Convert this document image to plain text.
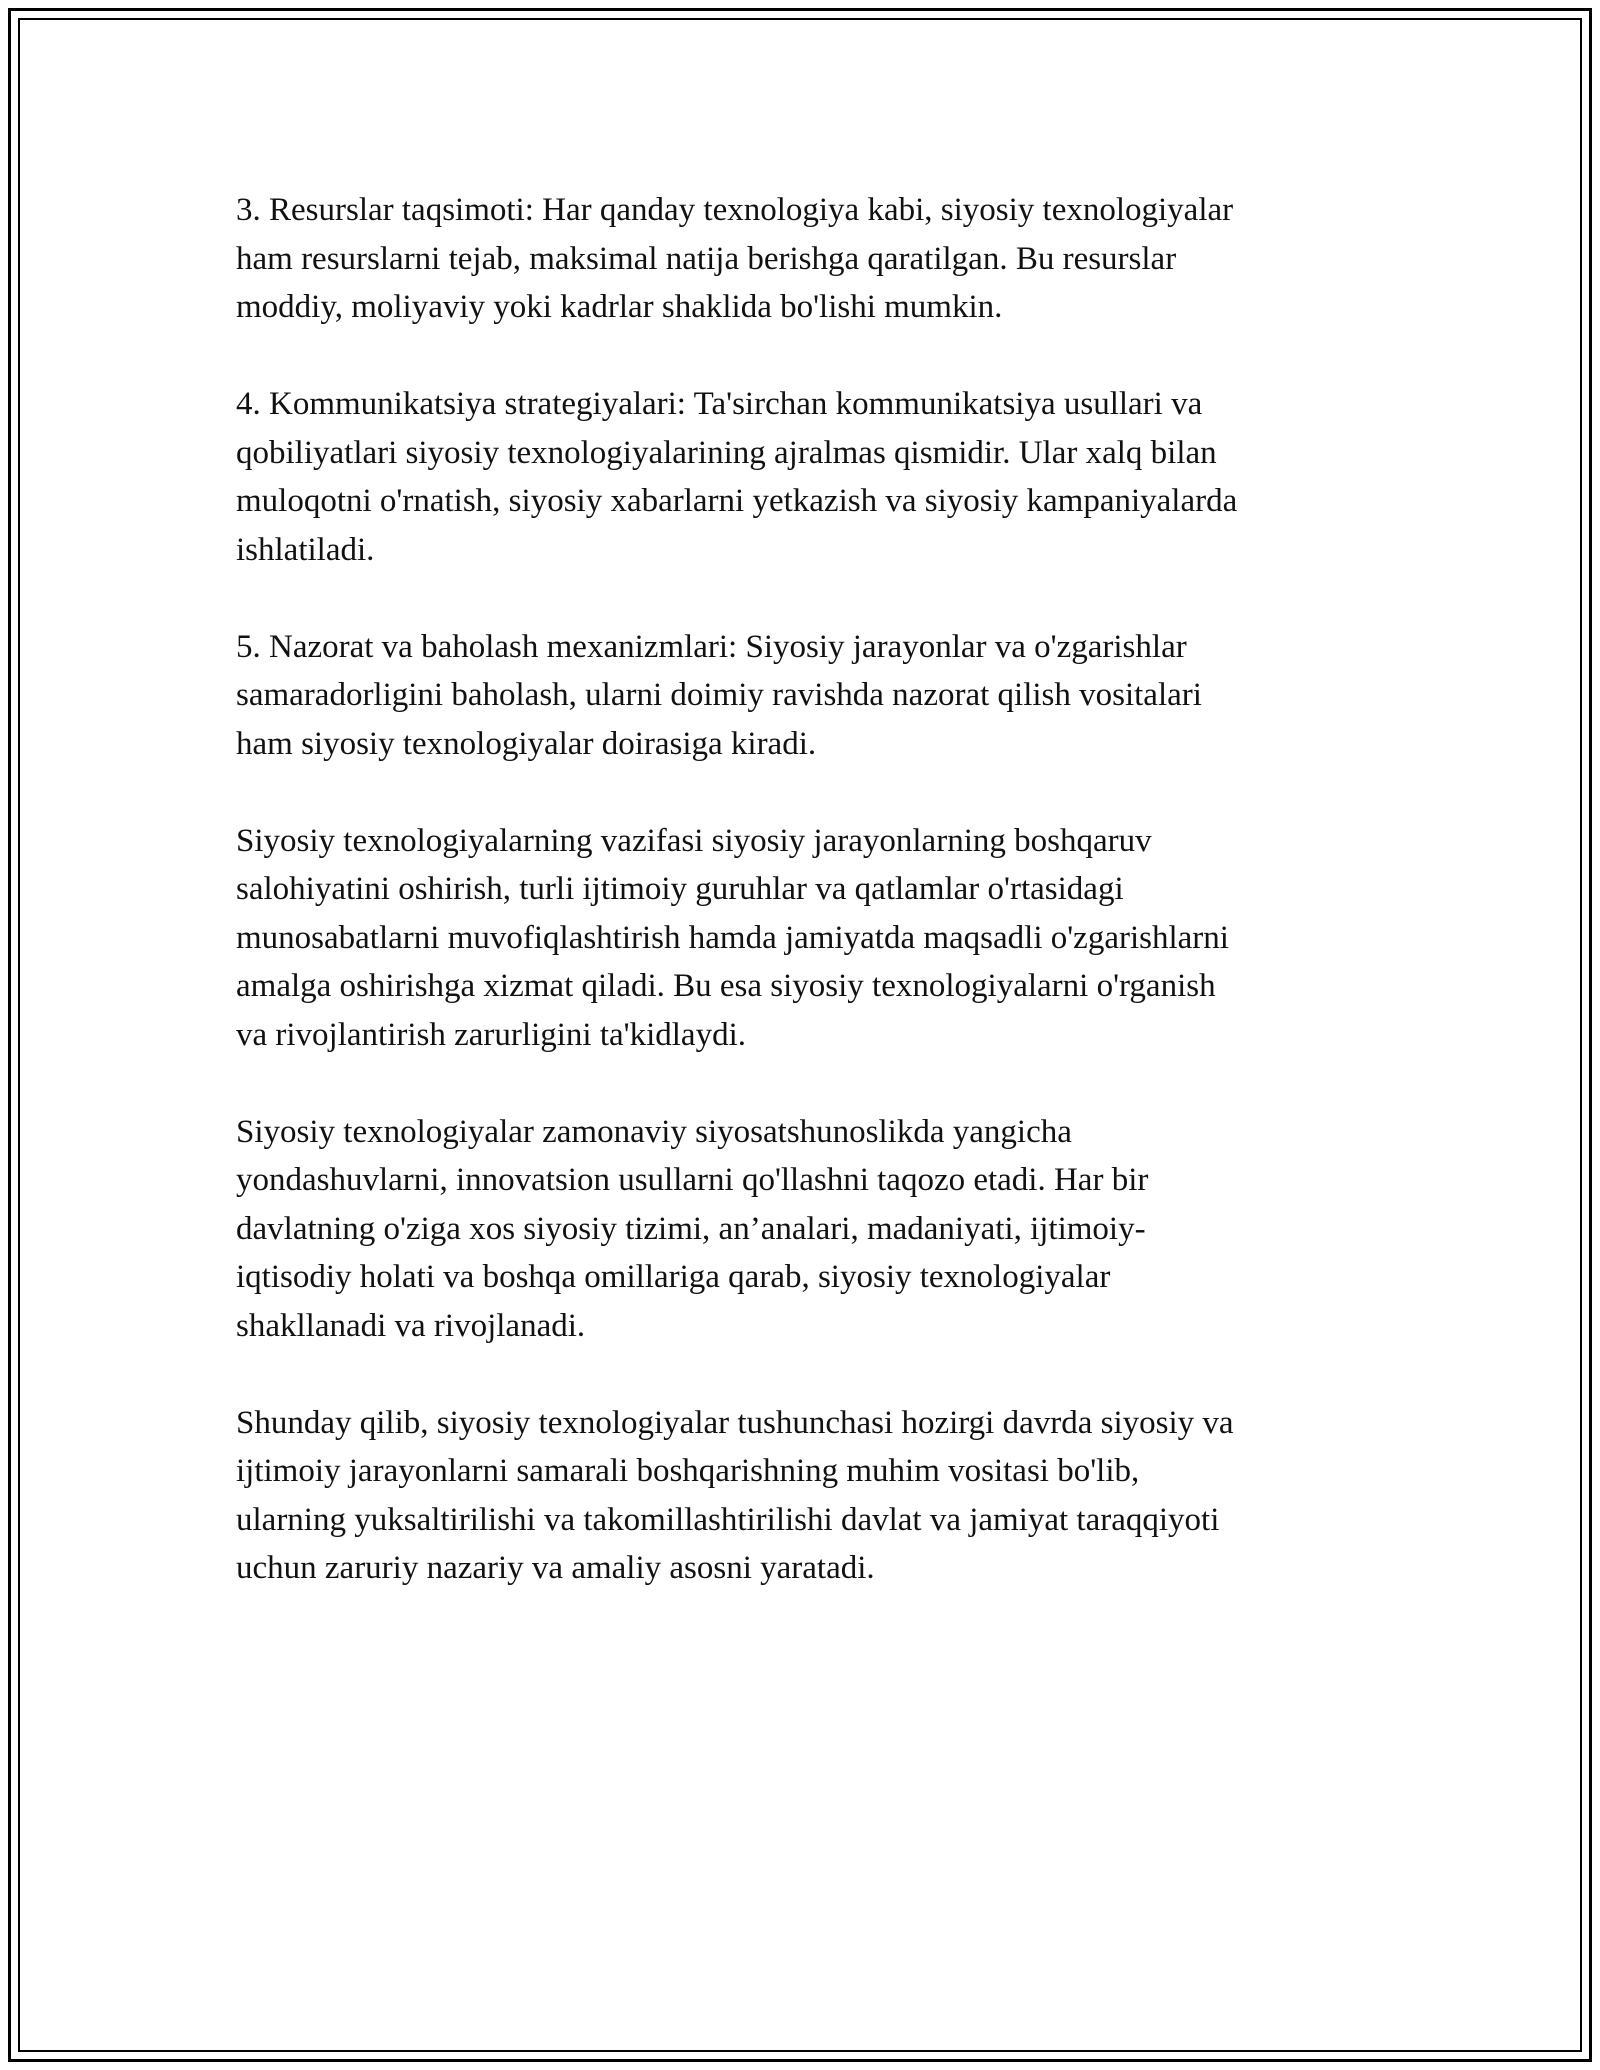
3. Resurslar taqsimoti: Har qanday texnologiya kabi, siyosiy texnologiyalar
ham resurslarni tejab, maksimal natija berishga qaratilgan. Bu resurslar
moddiy, moliyaviy yoki kadrlar shaklida bo'lishi mumkin.

4. Kommunikatsiya strategiyalari: Ta'sirchan kommunikatsiya usullari va
qobiliyatlari siyosiy texnologiyalarining ajralmas qismidir. Ular xalq bilan
muloqotni o'rnatish, siyosiy xabarlarni yetkazish va siyosiy kampaniyalarda
ishlatiladi.

5. Nazorat va baholash mexanizmlari: Siyosiy jarayonlar va o'zgarishlar
samaradorligini baholash, ularni doimiy ravishda nazorat qilish vositalari
ham siyosiy texnologiyalar doirasiga kiradi.

Siyosiy texnologiyalarning vazifasi siyosiy jarayonlarning boshqaruv
salohiyatini oshirish, turli ijtimoiy guruhlar va qatlamlar o'rtasidagi
munosabatlarni muvofiqlashtirish hamda jamiyatda maqsadli o'zgarishlarni
amalga oshirishga xizmat qiladi. Bu esa siyosiy texnologiyalarni o'rganish
va rivojlantirish zarurligini ta'kidlaydi.

Siyosiy texnologiyalar zamonaviy siyosatshunoslikda yangicha
yondashuvlarni, innovatsion usullarni qo'llashni taqozo etadi. Har bir
davlatning o'ziga xos siyosiy tizimi, an’analari, madaniyati, ijtimoiy-
iqtisodiy holati va boshqa omillariga qarab, siyosiy texnologiyalar
shakllanadi va rivojlanadi.

Shunday qilib, siyosiy texnologiyalar tushunchasi hozirgi davrda siyosiy va
ijtimoiy jarayonlarni samarali boshqarishning muhim vositasi bo'lib,
ularning yuksaltirilishi va takomillashtirilishi davlat va jamiyat taraqqiyoti
uchun zaruriy nazariy va amaliy asosni yaratadi.
